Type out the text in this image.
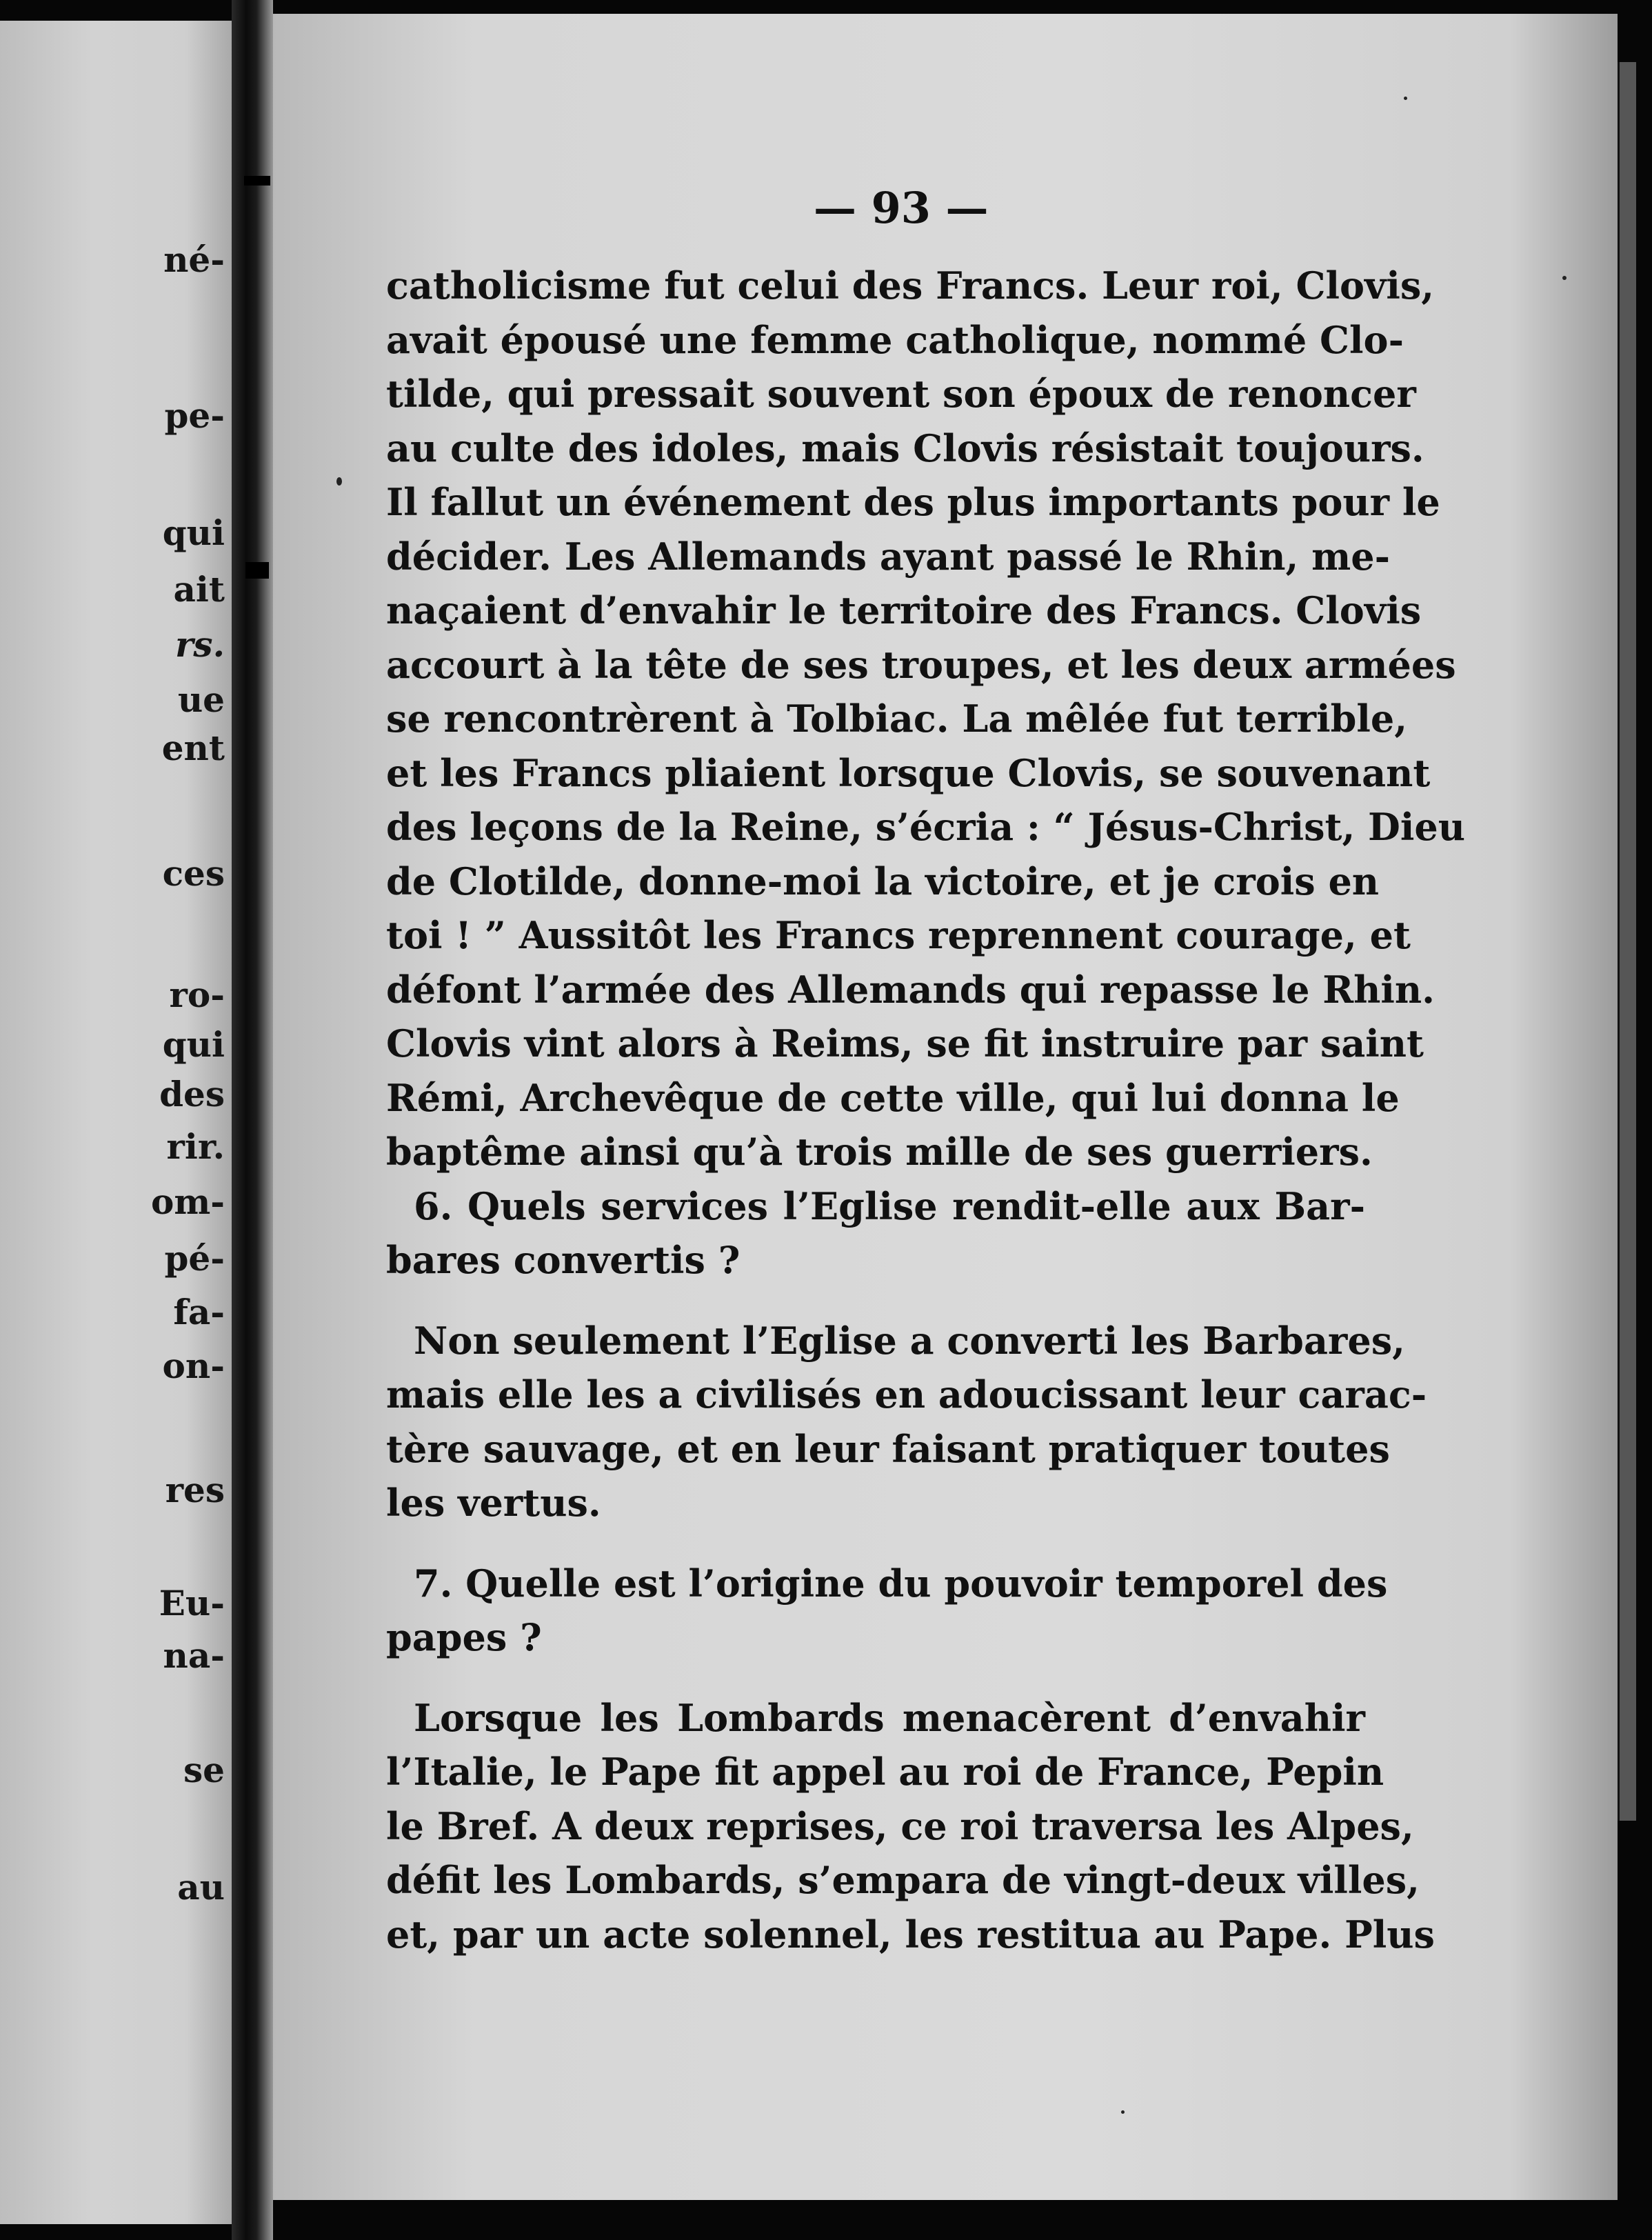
né-
pe-
qui
ait
rs.
ue
ent
ces
ro-
qui
des
rir.
om-
pé-
fa-
on-
res
Eu-
na-
se
au
— 93 —
catholicisme fut celui des Francs. Leur roi, Clovis,
avait épousé une femme catholique, nommé Clo-
tilde, qui pressait souvent son époux de renoncer
au culte des idoles, mais Clovis résistait toujours.
Il fallut un événement des plus importants pour le
décider. Les Allemands ayant passé le Rhin, me-
naçaient d’envahir le territoire des Francs. Clovis
accourt à la tête de ses troupes, et les deux armées
se rencontrèrent à Tolbiac. La mêlée fut terrible,
et les Francs pliaient lorsque Clovis, se souvenant
des leçons de la Reine, s’écria : “ Jésus-Christ, Dieu
de Clotilde, donne-moi la victoire, et je crois en
toi ! ” Aussitôt les Francs reprennent courage, et
défont l’armée des Allemands qui repasse le Rhin.
Clovis vint alors à Reims, se fit instruire par saint
Rémi, Archevêque de cette ville, qui lui donna le
baptême ainsi qu’à trois mille de ses guerriers.
6. Quels services l’Eglise rendit-elle aux Bar-
bares convertis ?
Non seulement l’Eglise a converti les Barbares,
mais elle les a civilisés en adoucissant leur carac-
tère sauvage, et en leur faisant pratiquer toutes
les vertus.
7. Quelle est l’origine du pouvoir temporel des
papes ?
Lorsque les Lombards menacèrent d’envahir
l’Italie, le Pape fit appel au roi de France, Pepin
le Bref. A deux reprises, ce roi traversa les Alpes,
défit les Lombards, s’empara de vingt-deux villes,
et, par un acte solennel, les restitua au Pape. Plus
